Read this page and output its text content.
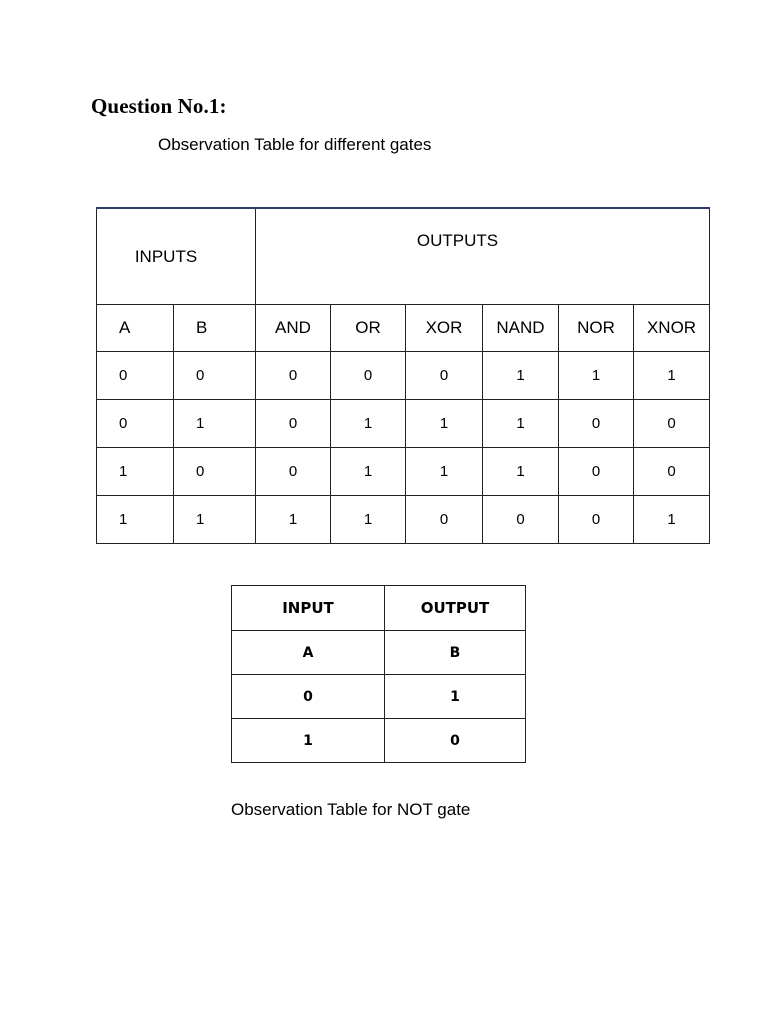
Question No.1:
Observation Table for different gates
INPUTS		OUTPUTS					
A	B	AND	OR	XOR	NAND	NOR	XNOR
0	0	0	0	0	1	1	1
0	1	0	1	1	1	0	0
1	0	0	1	1	1	0	0
1	1	1	1	0	0	0	1
INPUT	OUTPUT
A	B
0	1
1	0
Observation Table for NOT gate
